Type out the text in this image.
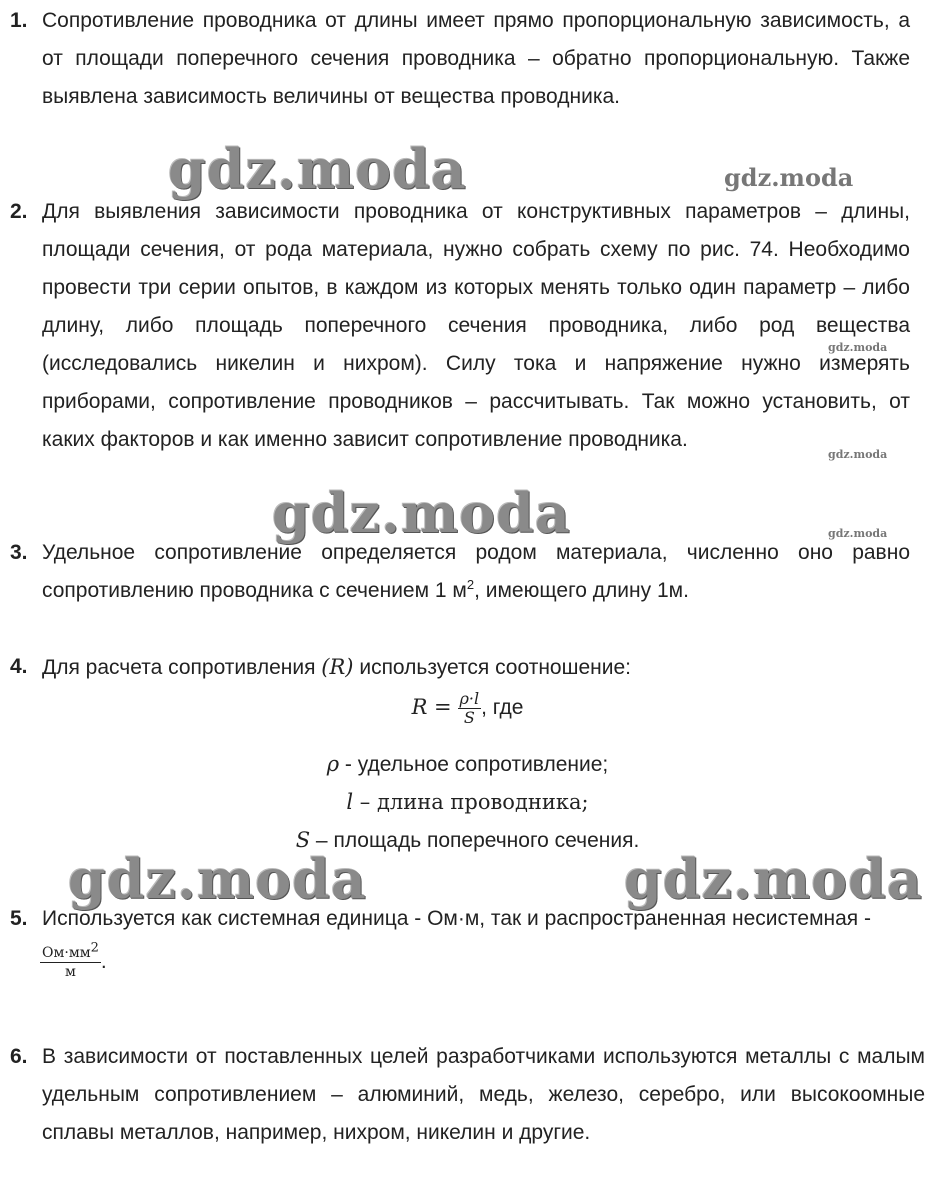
1. Сопротивление проводника от длины имеет прямо пропорциональную зависимость, а от площади поперечного сечения проводника – обратно пропорциональную. Также выявлена зависимость величины от вещества проводника.
2. Для выявления зависимости проводника от конструктивных параметров – длины, площади сечения, от рода материала, нужно собрать схему по рис. 74. Необходимо провести три серии опытов, в каждом из которых менять только один параметр – либо длину, либо площадь поперечного сечения проводника, либо род вещества (исследовались никелин и нихром). Силу тока и напряжение нужно измерять приборами, сопротивление проводников – рассчитывать. Так можно установить, от каких факторов и как именно зависит сопротивление проводника.
3. Удельное сопротивление определяется родом материала, численно оно равно сопротивлению проводника с сечением 1 $м^2$, имеющего длину 1м.
4. Для расчета сопротивления (R) используется соотношение:
$R = \frac{\rho\cdot l}{S}$ , где
ρ - удельное сопротивление;
l – длина проводника;
S – площадь поперечного сечения.
5. Используется как системная единица - Ом·м, так и распространенная несистемная -
$\frac{Ом\cdot мм^2}{м}$ .
6. В зависимости от поставленных целей разработчиками используются металлы с малым удельным сопротивлением – алюминий, медь, железо, серебро, или высокоомные сплавы металлов, например, нихром, никелин и другие.
gdz.moda	gdz.moda
gdz.moda
gdz.moda
gdz.moda	gdz.moda
gdz.moda	gdz.moda
